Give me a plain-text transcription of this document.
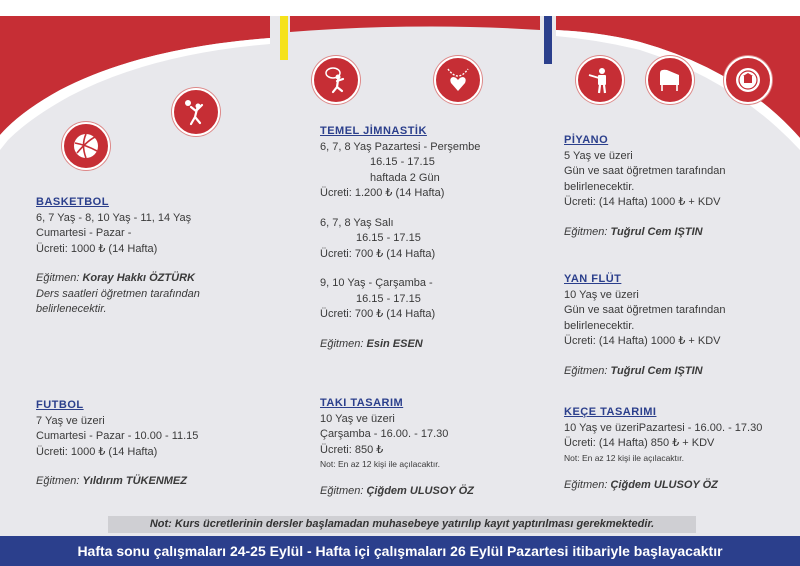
BASKETBOL
6, 7 Yaş - 8, 10 Yaş - 11, 14 Yaş
Cumartesi - Pazar -
Ücreti: 1000 ₺ (14 Hafta)
Eğitmen: Koray Hakkı ÖZTÜRK
Ders saatleri öğretmen tarafından
belirlenecektir.
FUTBOL
7 Yaş ve üzeri
Cumartesi - Pazar - 10.00 - 11.15
Ücreti: 1000 ₺ (14 Hafta)
Eğitmen: Yıldırım TÜKENMEZ
TEMEL JİMNASTİK
6, 7, 8 Yaş Pazartesi - Perşembe
16.15 - 17.15
haftada 2 Gün
Ücreti: 1.200 ₺ (14 Hafta)
6, 7, 8 Yaş Salı
16.15 - 17.15
Ücreti: 700 ₺ (14 Hafta)
9, 10 Yaş - Çarşamba -
16.15 - 17.15
Ücreti: 700 ₺ (14 Hafta)
Eğitmen: Esin ESEN
TAKI TASARIM
10 Yaş ve üzeri
Çarşamba - 16.00. - 17.30
Ücreti: 850 ₺
Not: En az 12 kişi ile açılacaktır.
Eğitmen: Çiğdem ULUSOY ÖZ
PİYANO
5 Yaş ve üzeri
Gün ve saat öğretmen tarafından
belirlenecektir.
Ücreti: (14 Hafta) 1000 ₺ + KDV
Eğitmen: Tuğrul Cem IŞTIN
YAN FLÜT
10 Yaş ve üzeri
Gün ve saat öğretmen tarafından
belirlenecektir.
Ücreti: (14 Hafta) 1000 ₺ + KDV
Eğitmen: Tuğrul Cem IŞTIN
KEÇE TASARIMI
10 Yaş ve üzeriPazartesi - 16.00. - 17.30
Ücreti: (14 Hafta) 850 ₺ + KDV
Not: En az 12 kişi ile açılacaktır.
Eğitmen: Çiğdem ULUSOY ÖZ
Not: Kurs ücretlerinin dersler başlamadan muhasebeye yatırılıp kayıt yaptırılması gerekmektedir.
Hafta sonu çalışmaları 24-25 Eylül - Hafta içi çalışmaları 26 Eylül Pazartesi itibariyle başlayacaktır
